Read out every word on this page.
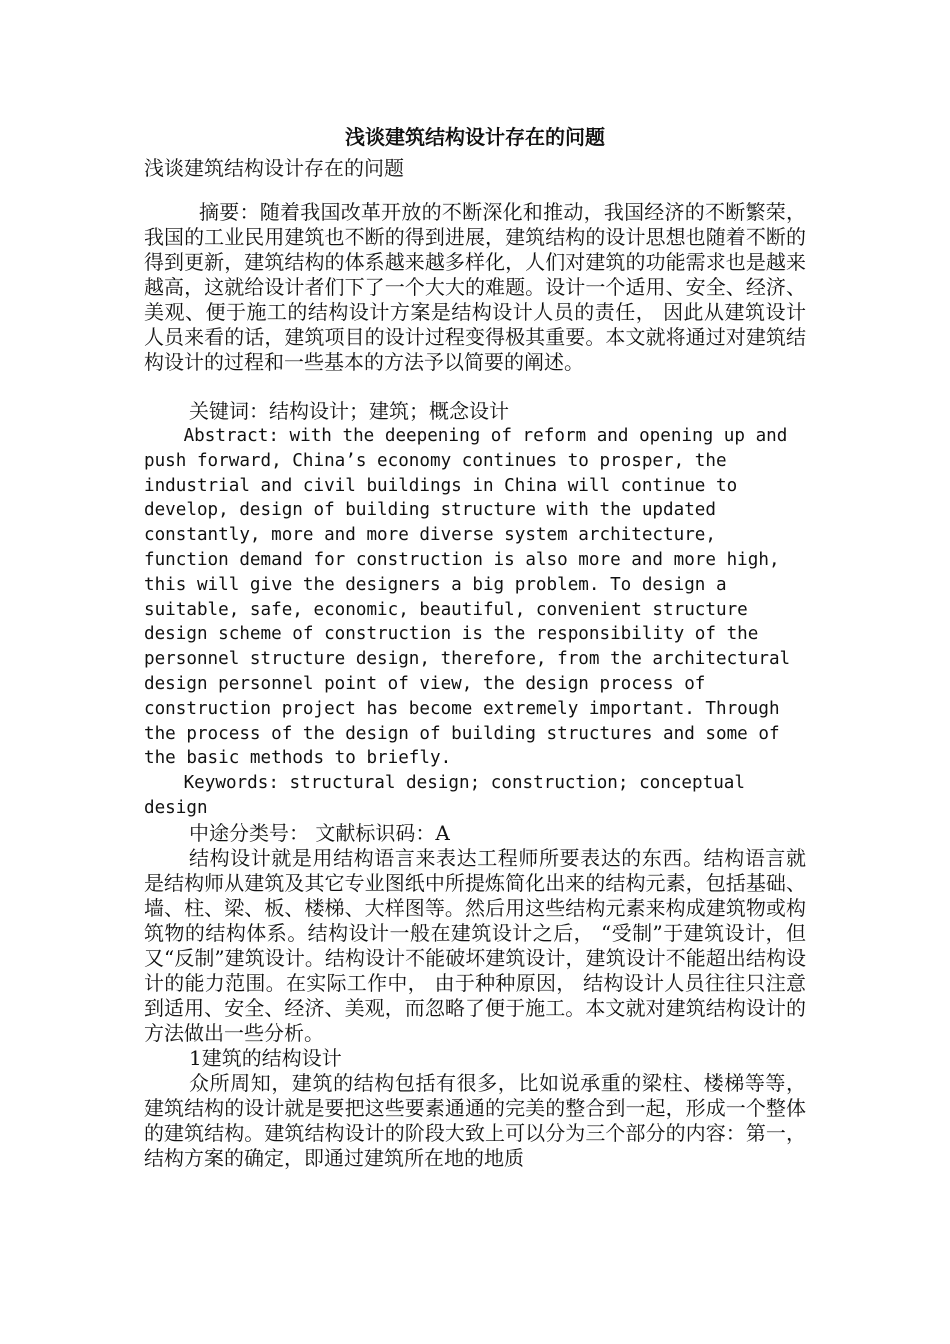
浅谈建筑结构设计存在的问题

浅谈建筑结构设计存在的问题

摘要：随着我国改革开放的不断深化和推动，我国经济的不断繁荣，我国的工业民用建筑也不断的得到进展，建筑结构的设计思想也随着不断的得到更新，建筑结构的体系越来越多样化，人们对建筑的功能需求也是越来越高，这就给设计者们下了一个大大的难题。设计一个适用、安全、经济、美观、便于施工的结构设计方案是结构设计人员的责任， 因此从建筑设计人员来看的话，建筑项目的设计过程变得极其重要。本文就将通过对建筑结构设计的过程和一些基本的方法予以简要的阐述。

关键词：结构设计；建筑；概念设计

Abstract: with the deepening of reform and opening up and push forward, China’s economy continues to prosper, the industrial and civil buildings in China will continue to develop, design of building structure with the updated constantly, more and more diverse system architecture, function demand for construction is also more and more high, this will give the designers a big problem. To design a suitable, safe, economic, beautiful, convenient structure design scheme of construction is the responsibility of the personnel structure design, therefore, from the architectural design personnel point of view, the design process of construction project has become extremely important. Through the process of the design of building structures and some of the basic methods to briefly.

Keywords: structural design; construction; conceptual design

中途分类号： 文献标识码：A

结构设计就是用结构语言来表达工程师所要表达的东西。结构语言就是结构师从建筑及其它专业图纸中所提炼简化出来的结构元素，包括基础、墙、柱、梁、板、楼梯、大样图等。然后用这些结构元素来构成建筑物或构筑物的结构体系。结构设计一般在建筑设计之后， “受制”于建筑设计，但又“反制”建筑设计。结构设计不能破坏建筑设计，建筑设计不能超出结构设计的能力范围。在实际工作中， 由于种种原因， 结构设计人员往往只注意到适用、安全、经济、美观，而忽略了便于施工。本文就对建筑结构设计的方法做出一些分析。

1建筑的结构设计

众所周知，建筑的结构包括有很多，比如说承重的梁柱、楼梯等等，建筑结构的设计就是要把这些要素通通的完美的整合到一起，形成一个整体的建筑结构。建筑结构设计的阶段大致上可以分为三个部分的内容：第一，结构方案的确定，即通过建筑所在地的地质
